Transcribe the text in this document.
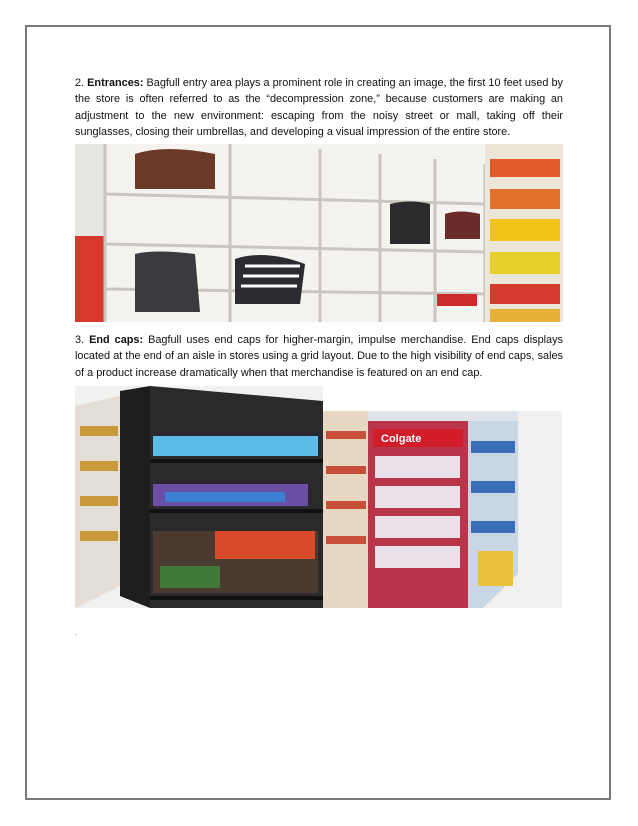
2. Entrances: Bagfull entry area plays a prominent role in creating an image, the first 10 feet used by the store is often referred to as the “decompression zone,” because customers are making an adjustment to the new environment: escaping from the noisy street or mall, taking off their sunglasses, closing their umbrellas, and developing a visual impression of the entire store.
3. End caps: Bagfull uses end caps for higher-margin, impulse merchandise. End caps displays located at the end of an aisle in stores using a grid layout. Due to the high visibility of end caps, sales of a product increase dramatically when that merchandise is featured on an end cap.
Colgate
.
